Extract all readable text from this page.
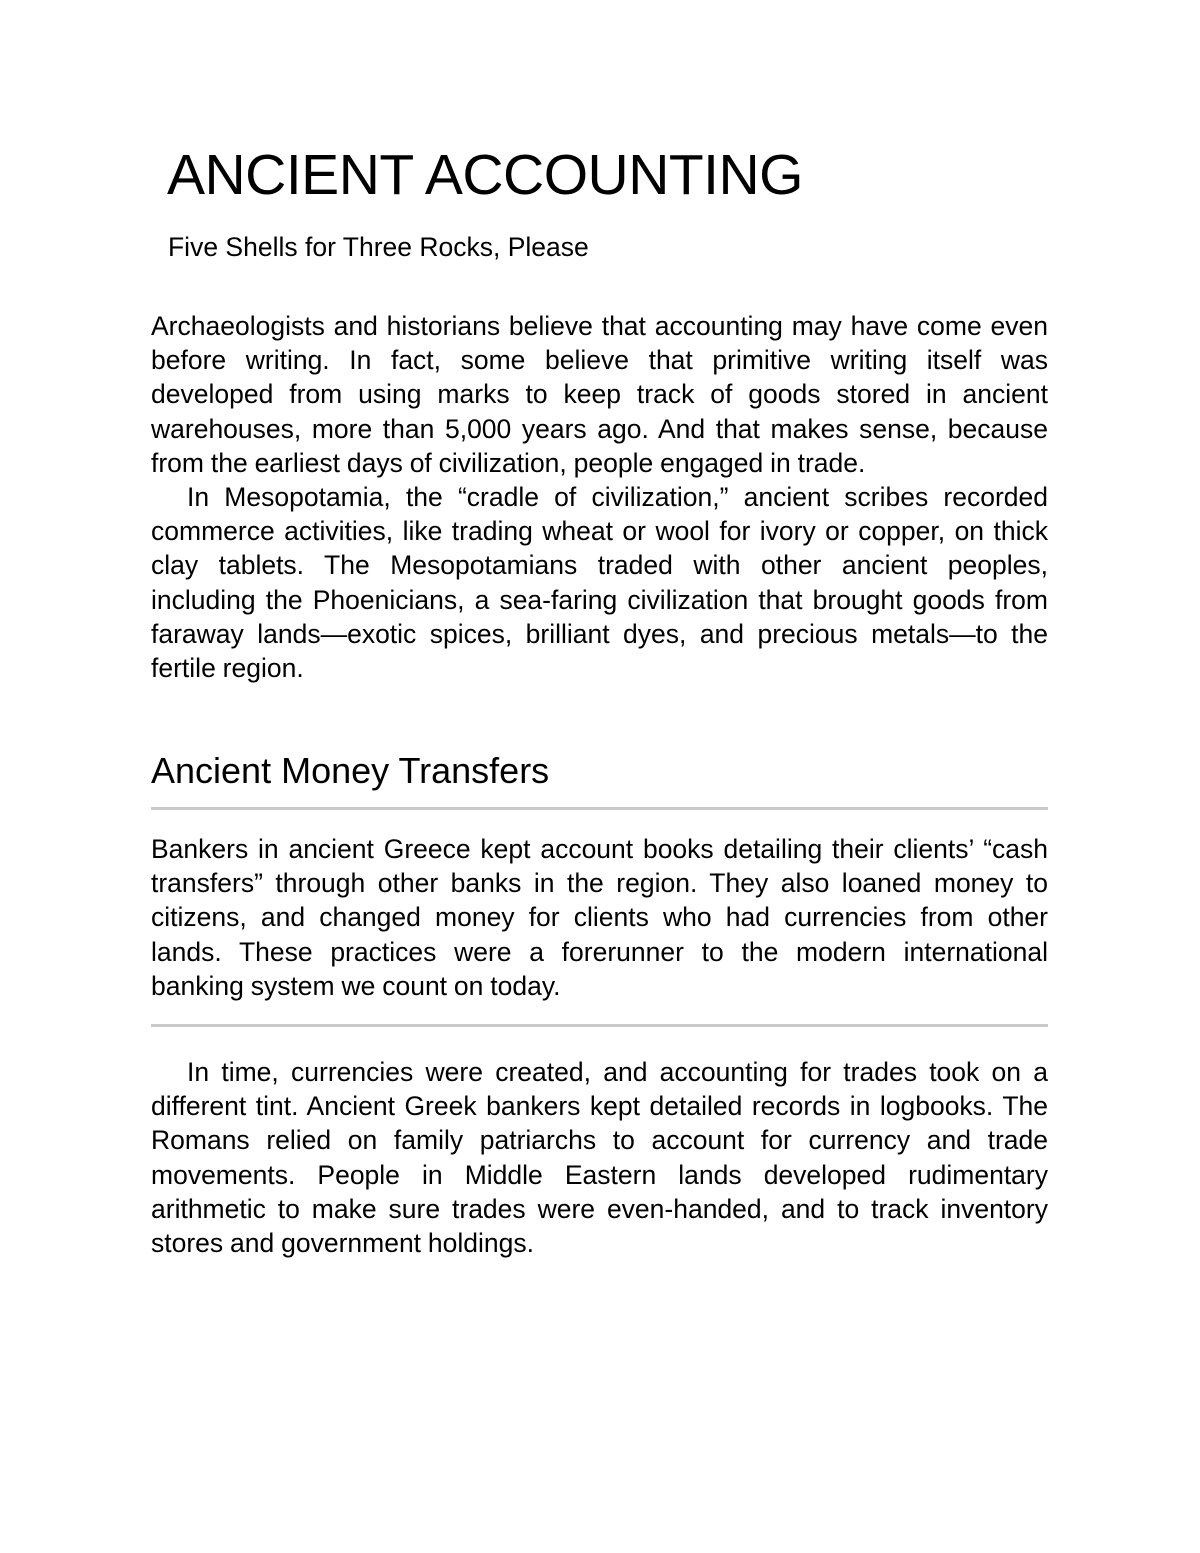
ANCIENT ACCOUNTING

Five Shells for Three Rocks, Please

Archaeologists and historians believe that accounting may have come even before writing. In fact, some believe that primitive writing itself was developed from using marks to keep track of goods stored in ancient warehouses, more than 5,000 years ago. And that makes sense, because from the earliest days of civilization, people engaged in trade.

In Mesopotamia, the “cradle of civilization,” ancient scribes recorded commerce activities, like trading wheat or wool for ivory or copper, on thick clay tablets. The Mesopotamians traded with other ancient peoples, including the Phoenicians, a sea-faring civilization that brought goods from faraway lands—exotic spices, brilliant dyes, and precious metals—to the fertile region.

Ancient Money Transfers

Bankers in ancient Greece kept account books detailing their clients’ “cash transfers” through other banks in the region. They also loaned money to citizens, and changed money for clients who had currencies from other lands. These practices were a forerunner to the modern international banking system we count on today.

In time, currencies were created, and accounting for trades took on a different tint. Ancient Greek bankers kept detailed records in logbooks. The Romans relied on family patriarchs to account for currency and trade movements. People in Middle Eastern lands developed rudimentary arithmetic to make sure trades were even-handed, and to track inventory stores and government holdings.
